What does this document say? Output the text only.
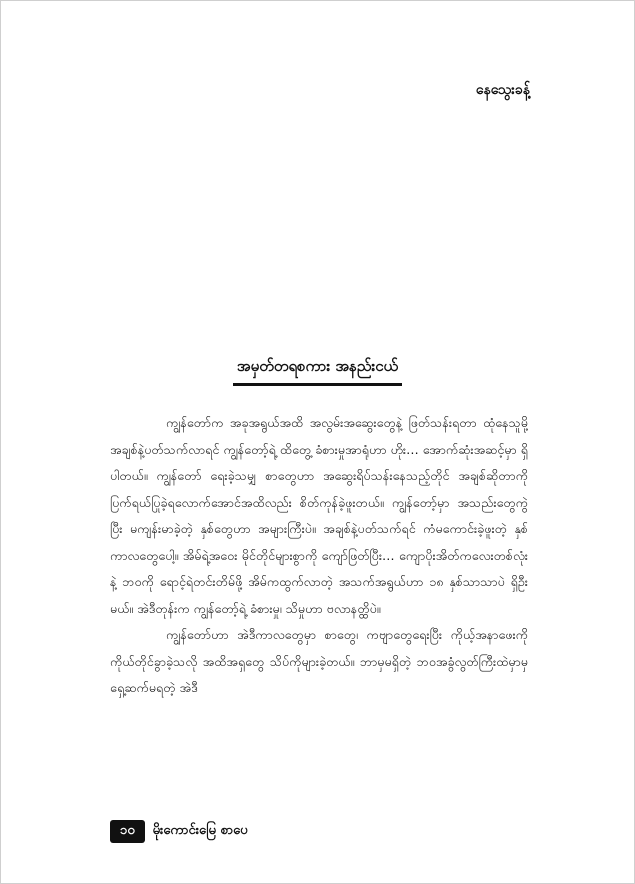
နေသွေးခန့်
အမှတ်တရစကား အနည်းငယ်

ကျွန်တော်က အခုအရွယ်အထိ အလွမ်းအဆွေးတွေနဲ့ ဖြတ်သန်းရတာ ထုံနေသူမို့ အချစ်နဲ့ပတ်သက်လာရင် ကျွန်တော့်ရဲ့ ထိတွေ့ ခံစားမှုအာရုံဟာ ဟိုး… အောက်ဆုံးအဆင့်မှာ ရှိပါတယ်။ ကျွန်တော် ရေးခဲ့သမျှ စာတွေဟာ အဆွေးရိပ်သန်းနေသည့်တိုင် အချစ်ဆိုတာကို ပြက်ရယ်ပြုခဲ့ရလောက်အောင်အထိလည်း စိတ်ကုန်ခဲ့ဖူးတယ်။ ကျွန်တော့်မှာ အသည်းတွေကွဲပြီး မကျန်းမာခဲ့တဲ့ နှစ်တွေဟာ အများကြီးပဲ။ အချစ်နဲ့ပတ်သက်ရင် ကံမကောင်းခဲ့ဖူးတဲ့ နှစ်ကာလတွေပေါ့။ အိမ်ရဲ့အဝေး မိုင်တိုင်များစွာကို ကျော်ဖြတ်ပြီး… ကျောပိုးအိတ်ကလေးတစ်လုံးနဲ့ ဘဝကို ရောင့်ရဲတင်းတိမ်ဖို့ အိမ်ကထွက်လာတဲ့ အသက်အရွယ်ဟာ ၁၈ နှစ်သာသာပဲ ရှိဦးမယ်။ အဲဒီတုန်းက ကျွန်တော့်ရဲ့ ခံစားမှု၊ သိမှုဟာ ဗလာနတ္ထိပဲ။

ကျွန်တော်ဟာ အဲဒီကာလတွေမှာ စာတွေ၊ ကဗျာတွေရေးပြီး ကိုယ့်အနာဖေးကို ကိုယ်တိုင်ခွာခဲ့သလို အထိအရှတွေ သိပ်ကိုများခဲ့တယ်။ ဘာမှမရှိတဲ့ ဘဝအခွံလွတ်ကြီးထဲမှာမှ ရှေ့ဆက်မရတဲ့ အဲဒီ

၁၀	မိုးကောင်းမြေ စာပေ
